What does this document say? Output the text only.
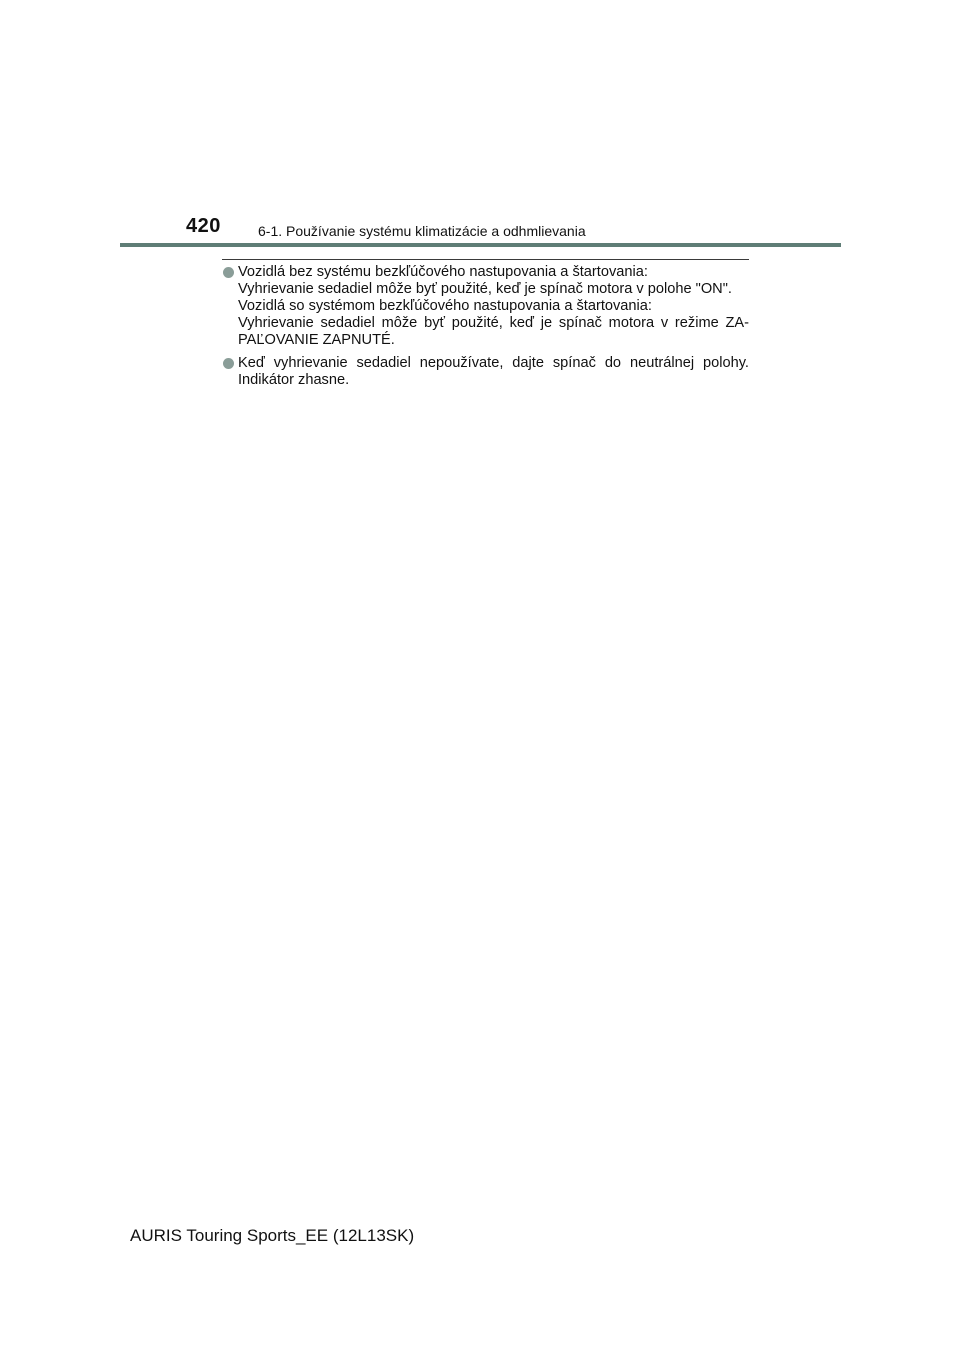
420	6-1. Používanie systému klimatizácie a odhmlievania
Vozidlá bez systému bezkľúčového nastupovania a štartovania:
Vyhrievanie sedadiel môže byť použité, keď je spínač motora v polohe "ON".
Vozidlá so systémom bezkľúčového nastupovania a štartovania:
Vyhrievanie sedadiel môže byť použité, keď je spínač motora v režime ZA-PAĽOVANIE ZAPNUTÉ.
Keď vyhrievanie sedadiel nepoužívate, dajte spínač do neutrálnej polohy. Indikátor zhasne.
AURIS Touring Sports_EE (12L13SK)
